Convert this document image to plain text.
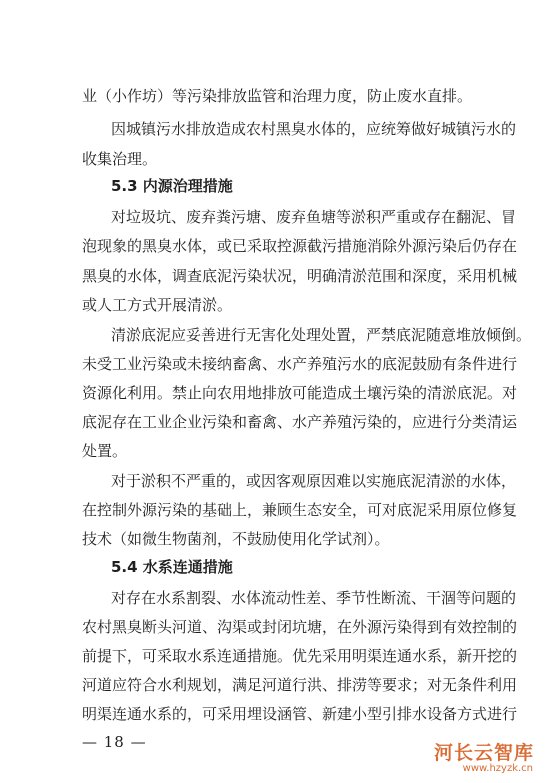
业（小作坊）等污染排放监管和治理力度，防止废水直排。
因城镇污水排放造成农村黑臭水体的，应统筹做好城镇污水的
收集治理。
5.3 内源治理措施
对垃圾坑、废弃粪污塘、废弃鱼塘等淤积严重或存在翻泥、冒
泡现象的黑臭水体，或已采取控源截污措施消除外源污染后仍存在
黑臭的水体，调查底泥污染状况，明确清淤范围和深度，采用机械
或人工方式开展清淤。
清淤底泥应妥善进行无害化处理处置，严禁底泥随意堆放倾倒。
未受工业污染或未接纳畜禽、水产养殖污水的底泥鼓励有条件进行
资源化利用。禁止向农用地排放可能造成土壤污染的清淤底泥。对
底泥存在工业企业污染和畜禽、水产养殖污染的，应进行分类清运
处置。
对于淤积不严重的，或因客观原因难以实施底泥清淤的水体，
在控制外源污染的基础上，兼顾生态安全，可对底泥采用原位修复
技术（如微生物菌剂，不鼓励使用化学试剂）。
5.4 水系连通措施
对存在水系割裂、水体流动性差、季节性断流、干涸等问题的
农村黑臭断头河道、沟渠或封闭坑塘，在外源污染得到有效控制的
前提下，可采取水系连通措施。优先采用明渠连通水系，新开挖的
河道应符合水利规划，满足河道行洪、排涝等要求；对无条件利用
明渠连通水系的，可采用埋设涵管、新建小型引排水设备方式进行
— 18 —	河长云智库
www.hzyzk.cn
